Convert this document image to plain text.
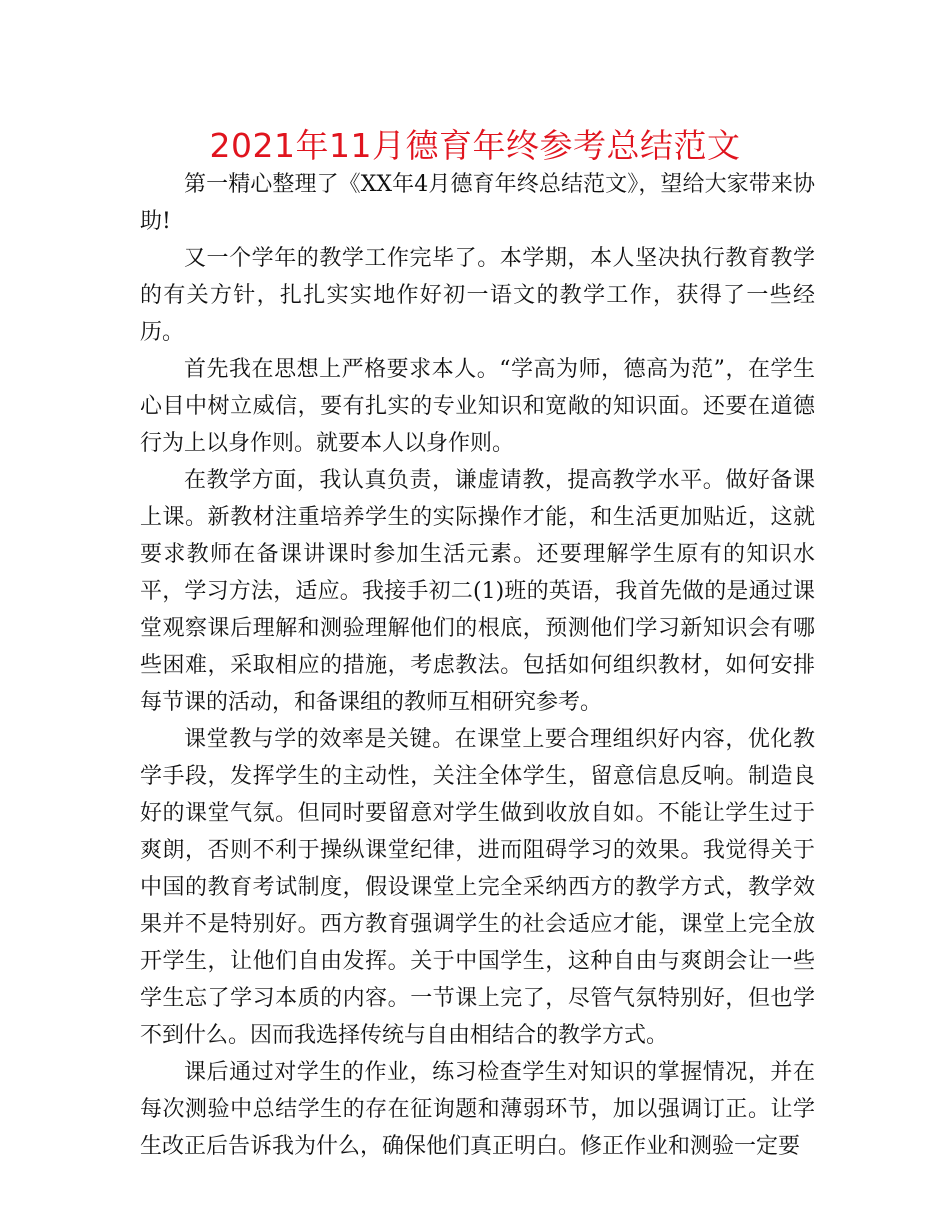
2021年11月德育年终参考总结范文

第一精心整理了《XX年4月德育年终总结范文》，望给大家带来协助!

又一个学年的教学工作完毕了。本学期，本人坚决执行教育教学的有关方针，扎扎实实地作好初一语文的教学工作，获得了一些经历。

首先我在思想上严格要求本人。“学高为师，德高为范”，在学生心目中树立威信，要有扎实的专业知识和宽敞的知识面。还要在道德行为上以身作则。就要本人以身作则。

在教学方面，我认真负责，谦虚请教，提高教学水平。做好备课上课。新教材注重培养学生的实际操作才能，和生活更加贴近，这就要求教师在备课讲课时参加生活元素。还要理解学生原有的知识水平，学习方法，适应。我接手初二(1)班的英语，我首先做的是通过课堂观察课后理解和测验理解他们的根底，预测他们学习新知识会有哪些困难，采取相应的措施，考虑教法。包括如何组织教材，如何安排每节课的活动，和备课组的教师互相研究参考。

课堂教与学的效率是关键。在课堂上要合理组织好内容，优化教学手段，发挥学生的主动性，关注全体学生，留意信息反响。制造良好的课堂气氛。但同时要留意对学生做到收放自如。不能让学生过于爽朗，否则不利于操纵课堂纪律，进而阻碍学习的效果。我觉得关于中国的教育考试制度，假设课堂上完全采纳西方的教学方式，教学效果并不是特别好。西方教育强调学生的社会适应才能，课堂上完全放开学生，让他们自由发挥。关于中国学生，这种自由与爽朗会让一些学生忘了学习本质的内容。一节课上完了，尽管气氛特别好，但也学不到什么。因而我选择传统与自由相结合的教学方式。

课后通过对学生的作业，练习检查学生对知识的掌握情况，并在每次测验中总结学生的存在征询题和薄弱环节，加以强调订正。让学生改正后告诉我为什么，确保他们真正明白。修正作业和测验一定要
